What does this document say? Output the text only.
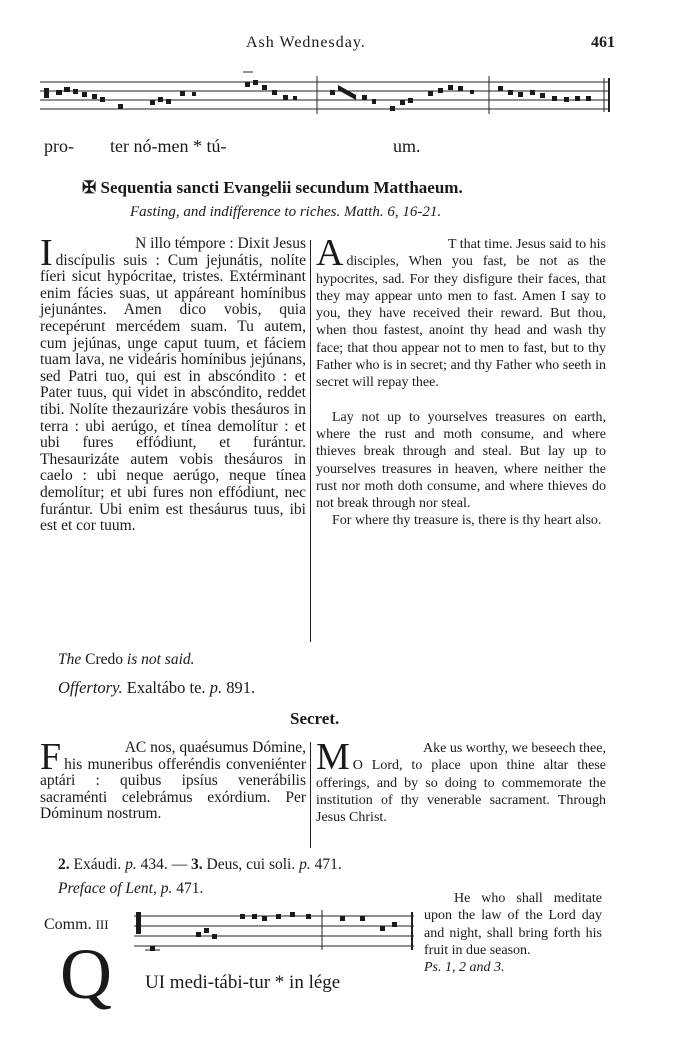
Ash Wednesday.	461
pro- ter nó-men * tú-	um.
✠ Sequentia sancti Evangelii secundum Matthaeum.
Fasting, and indifference to riches. Matth. 6, 16-21.
I	N illo témpore : Dixit Jesus

discípulis suis : Cum jejunátis, nolíte fíeri sicut hypócritae, tristes. Extérminant enim fácies suas, ut appáreant homínibus jejunántes. Amen dico vobis, quia recepérunt mercédem suam. Tu autem, cum jejúnas, unge caput tuum, et fáciem tuam lava, ne videáris homínibus jejúnans, sed Patri tuo, qui est in abscóndito : et Pater tuus, qui videt in abscóndito, reddet tibi. Nolíte thezaurizáre vobis thesáuros in terra : ubi aerúgo, et tínea demolítur : et ubi fures effódiunt, et furántur. Thesaurizáte autem vobis thesáuros in caelo : ubi neque aerúgo, neque tínea demolítur; et ubi fures non effódiunt, nec furántur. Ubi enim est thesáurus tuus, ibi est et cor tuum.

A	T that time. Jesus said to his

disciples, When you fast, be not as the hypocrites, sad. For they disfigure their faces, that they may appear unto men to fast. Amen I say to you, they have received their reward. But thou, when thou fastest, anoint thy head and wash thy face; that thou appear not to men to fast, but to thy Father who is in secret; and thy Father who seeth in secret will repay thee.

Lay not up to yourselves treasures on earth, where the rust and moth consume, and where thieves break through and steal. But lay up to yourselves treasures in heaven, where neither the rust nor moth doth consume, and where thieves do not break through nor steal.

For where thy treasure is, there is thy heart also.

The Credo is not said.
Offertory. Exaltábo te. p. 891.
Secret.
F	AC nos, quaésumus Dómine,

his muneribus offeréndis conveniénter aptári : quibus ipsíus venerábilis sacraménti celebrámus exórdium. Per Dóminum nostrum.

M	Ake us worthy, we beseech thee,

O Lord, to place upon thine altar these offerings, and by so doing to commemorate the institution of thy venerable sacrament. Through Jesus Christ.

2. Exáudi. p. 434. — 3. Deus, cui soli. p. 471.
Preface of Lent, p. 471.
Comm. III
Q UI medi-tábi-tur * in lége

He who shall meditate upon the law of the Lord day and night, shall bring forth his fruit in due season.

Ps. 1, 2 and 3.
